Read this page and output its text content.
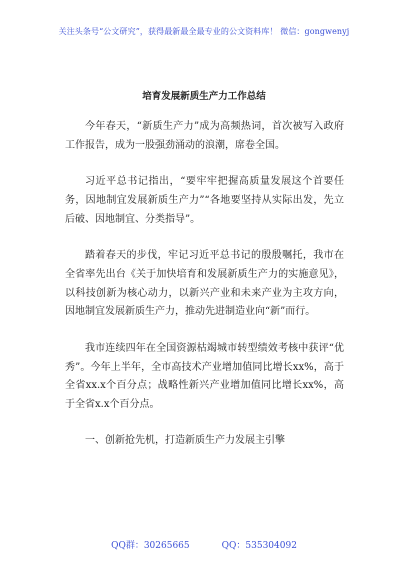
关注头条号“公文研究”，获得最新最全最专业的公文资料库！ 微信：gongwenyj
培育发展新质生产力工作总结

今年春天，“新质生产力”成为高频热词，首次被写入政府工作报告，成为一股强劲涌动的浪潮，席卷全国。

习近平总书记指出，“要牢牢把握高质量发展这个首要任务，因地制宜发展新质生产力”“各地要坚持从实际出发，先立后破、因地制宜、分类指导”。

踏着春天的步伐，牢记习近平总书记的殷殷嘱托，我市在全省率先出台《关于加快培育和发展新质生产力的实施意见》，以科技创新为核心动力，以新兴产业和未来产业为主攻方向，因地制宜发展新质生产力，推动先进制造业向“新”而行。

我市连续四年在全国资源枯竭城市转型绩效考核中获评“优秀”。今年上半年，全市高技术产业增加值同比增长xx%，高于全省xx.x个百分点；战略性新兴产业增加值同比增长xx%，高于全省x.x个百分点。

一、创新抢先机，打造新质生产力发展主引擎

QQ群：30265665	QQ：535304092
